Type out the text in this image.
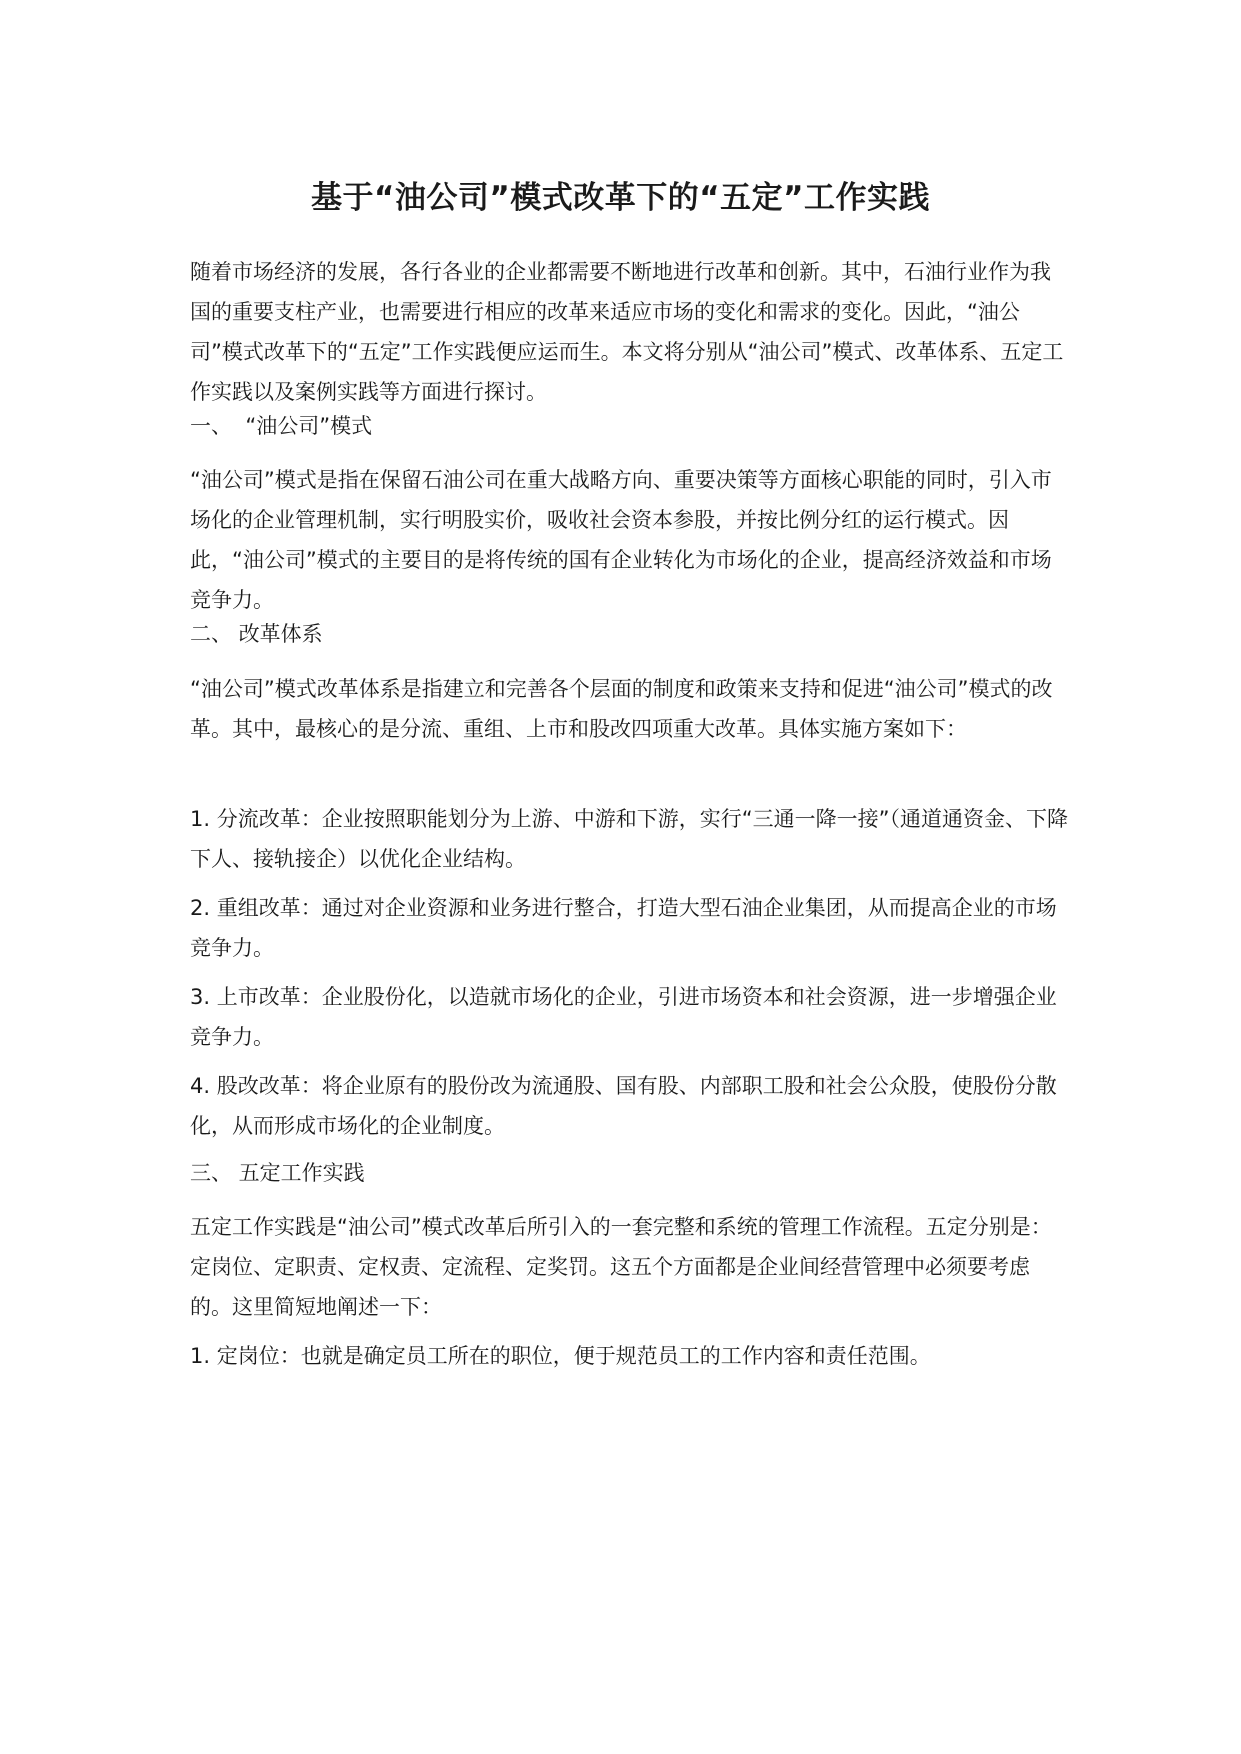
基于“油公司”模式改革下的“五定”工作实践

随着市场经济的发展，各行各业的企业都需要不断地进行改革和创新。其中，石油行业作为我国的重要支柱产业，也需要进行相应的改革来适应市场的变化和需求的变化。因此，“油公司”模式改革下的“五定”工作实践便应运而生。本文将分别从“油公司”模式、改革体系、五定工作实践以及案例实践等方面进行探讨。

一、  “油公司”模式

“油公司”模式是指在保留石油公司在重大战略方向、重要决策等方面核心职能的同时，引入市场化的企业管理机制，实行明股实价，吸收社会资本参股，并按比例分红的运行模式。因此，“油公司”模式的主要目的是将传统的国有企业转化为市场化的企业，提高经济效益和市场竞争力。

二、 改革体系

“油公司”模式改革体系是指建立和完善各个层面的制度和政策来支持和促进“油公司”模式的改革。其中，最核心的是分流、重组、上市和股改四项重大改革。具体实施方案如下：

1. 分流改革：企业按照职能划分为上游、中游和下游，实行“三通一降一接”（通道通资金、下降下人、接轨接企）以优化企业结构。

2. 重组改革：通过对企业资源和业务进行整合，打造大型石油企业集团，从而提高企业的市场竞争力。

3. 上市改革：企业股份化，以造就市场化的企业，引进市场资本和社会资源，进一步增强企业竞争力。

4. 股改改革：将企业原有的股份改为流通股、国有股、内部职工股和社会公众股，使股份分散化，从而形成市场化的企业制度。

三、 五定工作实践

五定工作实践是“油公司”模式改革后所引入的一套完整和系统的管理工作流程。五定分别是：定岗位、定职责、定权责、定流程、定奖罚。这五个方面都是企业间经营管理中必须要考虑的。这里简短地阐述一下：

1. 定岗位：也就是确定员工所在的职位，便于规范员工的工作内容和责任范围。
